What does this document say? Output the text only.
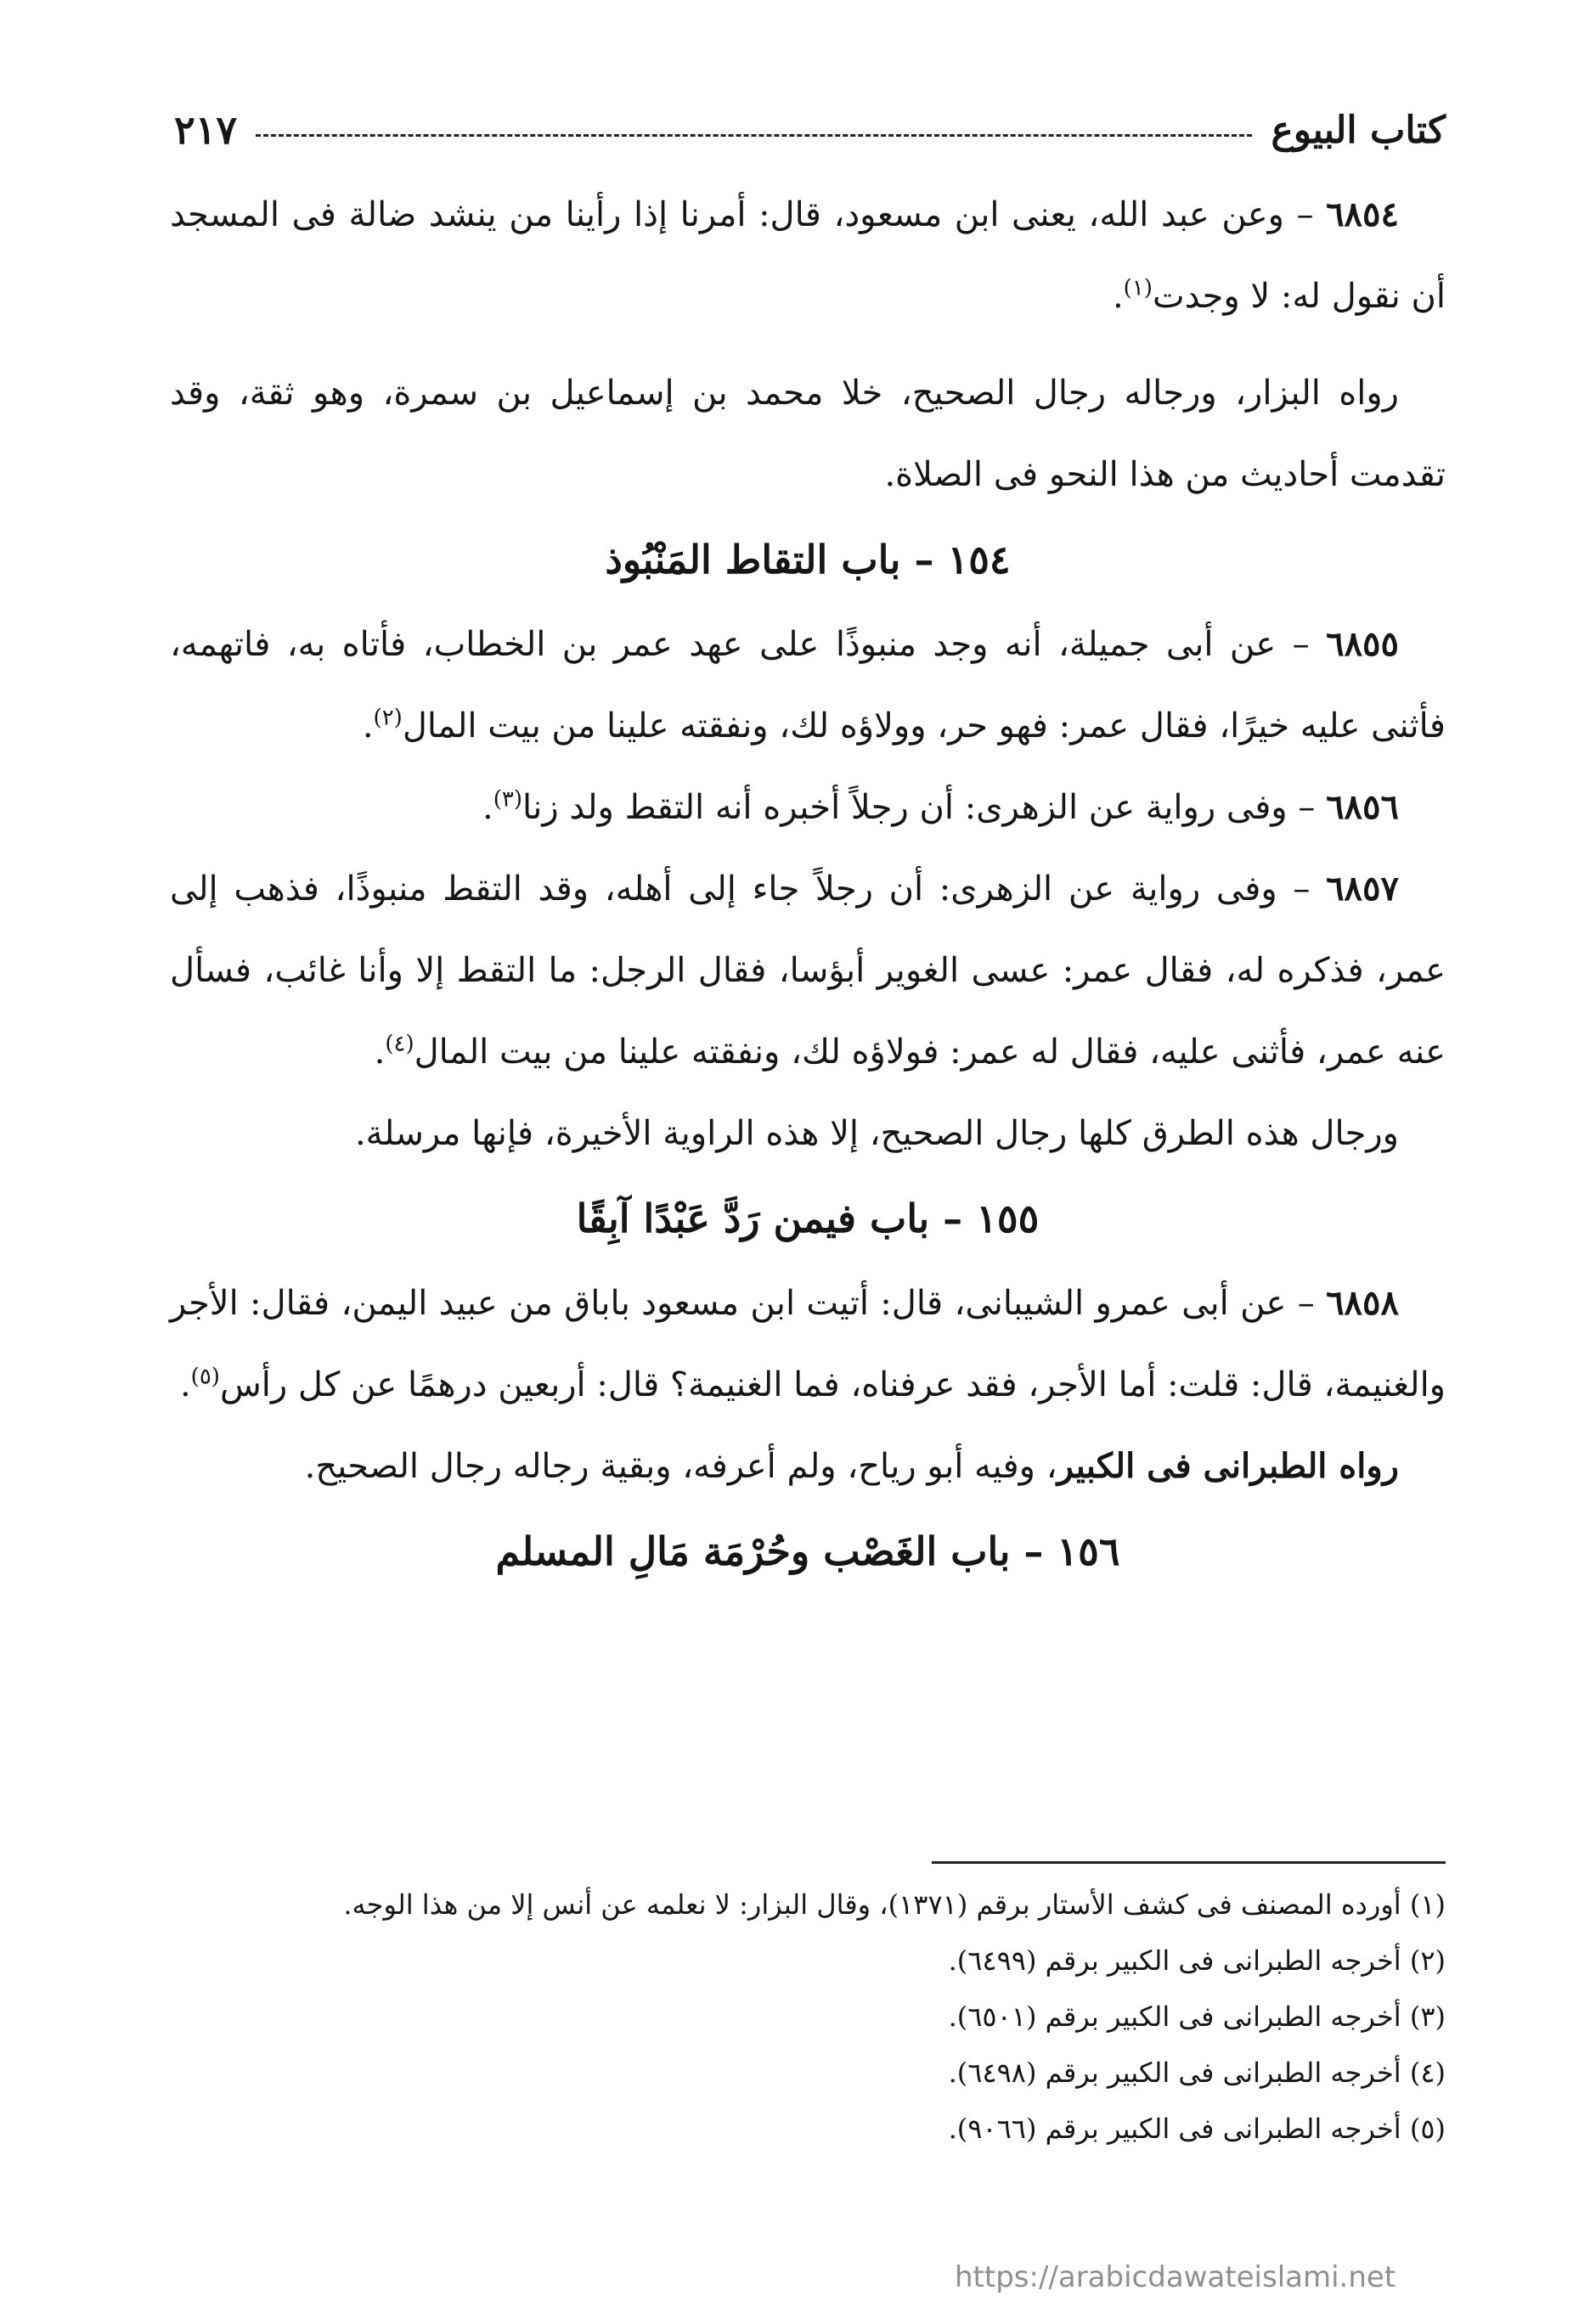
كتاب البيوع
٢١٧

٦٨٥٤ – وعن عبد الله، يعنى ابن مسعود، قال: أمرنا إذا رأينا من ينشد ضالة فى المسجد أن نقول له: لا وجدت$^{(١)}$.

رواه البزار، ورجاله رجال الصحيح، خلا محمد بن إسماعيل بن سمرة، وهو ثقة، وقد تقدمت أحاديث من هذا النحو فى الصلاة.

١٥٤ – باب التقاط المَنْبُوذ

٦٨٥٥ – عن أبى جميلة، أنه وجد منبوذًا على عهد عمر بن الخطاب، فأتاه به، فاتهمه، فأثنى عليه خيرًا، فقال عمر: فهو حر، وولاؤه لك، ونفقته علينا من بيت المال$^{(٢)}$.

٦٨٥٦ – وفى رواية عن الزهرى: أن رجلاً أخبره أنه التقط ولد زنا$^{(٣)}$.

٦٨٥٧ – وفى رواية عن الزهرى: أن رجلاً جاء إلى أهله، وقد التقط منبوذًا، فذهب إلى عمر، فذكره له، فقال عمر: عسى الغوير أبؤسا، فقال الرجل: ما التقط إلا وأنا غائب، فسأل عنه عمر، فأثنى عليه، فقال له عمر: فولاؤه لك، ونفقته علينا من بيت المال$^{(٤)}$.

ورجال هذه الطرق كلها رجال الصحيح، إلا هذه الراوية الأخيرة، فإنها مرسلة.

١٥٥ – باب فيمن رَدَّ عَبْدًا آبِقًا

٦٨٥٨ – عن أبى عمرو الشيبانى، قال: أتيت ابن مسعود باباق من عبيد اليمن، فقال: الأجر والغنيمة، قال: قلت: أما الأجر، فقد عرفناه، فما الغنيمة؟ قال: أربعين درهمًا عن كل رأس$^{(٥)}$.

رواه الطبرانى فى الكبير، وفيه أبو رياح، ولم أعرفه، وبقية رجاله رجال الصحيح.

١٥٦ – باب الغَصْب وحُرْمَة مَالِ المسلم

(١) أورده المصنف فى كشف الأستار برقم (١٣٧١)، وقال البزار: لا نعلمه عن أنس إلا من هذا الوجه.

(٢) أخرجه الطبرانى فى الكبير برقم (٦٤٩٩).

(٣) أخرجه الطبرانى فى الكبير برقم (٦٥٠١).

(٤) أخرجه الطبرانى فى الكبير برقم (٦٤٩٨).

(٥) أخرجه الطبرانى فى الكبير برقم (٩٠٦٦).

https://arabicdawateislami.net
